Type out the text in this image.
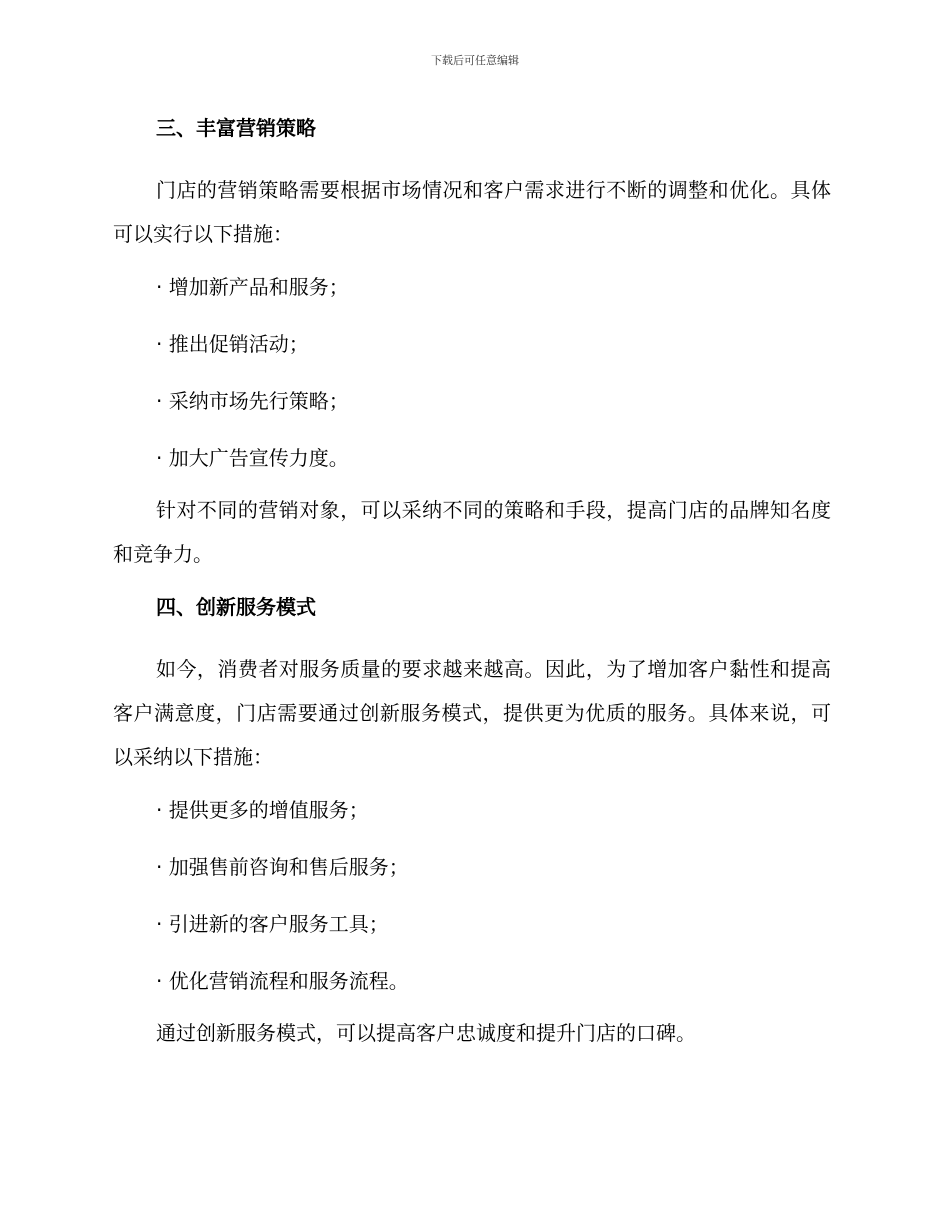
下载后可任意编辑
三、丰富营销策略
门店的营销策略需要根据市场情况和客户需求进行不断的调整和优化。具体可以实行以下措施：
· 增加新产品和服务；
· 推出促销活动；
· 采纳市场先行策略；
· 加大广告宣传力度。
针对不同的营销对象，可以采纳不同的策略和手段，提高门店的品牌知名度和竞争力。
四、创新服务模式
如今，消费者对服务质量的要求越来越高。因此，为了增加客户黏性和提高客户满意度，门店需要通过创新服务模式，提供更为优质的服务。具体来说，可以采纳以下措施：
· 提供更多的增值服务；
· 加强售前咨询和售后服务；
· 引进新的客户服务工具；
· 优化营销流程和服务流程。
通过创新服务模式，可以提高客户忠诚度和提升门店的口碑。
